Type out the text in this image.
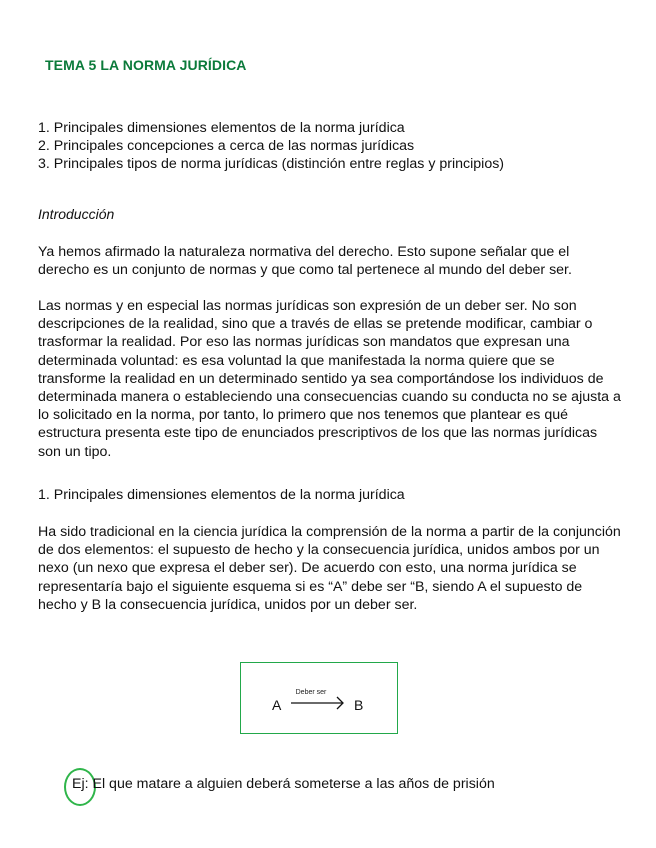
TEMA 5 LA NORMA JURÍDICA
1. Principales dimensiones elementos de la norma jurídica
2. Principales concepciones a cerca de las normas jurídicas
3. Principales tipos de norma jurídicas (distinción entre reglas y principios)
Introducción

Ya hemos afirmado la naturaleza normativa del derecho. Esto supone señalar que el derecho es un conjunto de normas y que como tal pertenece al mundo del deber ser.

Las normas y en especial las normas jurídicas son expresión de un deber ser. No son descripciones de la realidad, sino que a través de ellas se pretende modificar, cambiar o trasformar la realidad. Por eso las normas jurídicas son mandatos que expresan una determinada voluntad: es esa voluntad la que manifestada la norma quiere que se transforme la realidad en un determinado sentido ya sea comportándose los individuos de determinada manera o estableciendo una consecuencias cuando su conducta no se ajusta a lo solicitado en la norma, por tanto, lo primero que nos tenemos que plantear es qué estructura presenta este tipo de enunciados prescriptivos de los que las normas jurídicas son un tipo.

1. Principales dimensiones elementos de la norma jurídica

Ha sido tradicional en la ciencia jurídica la comprensión de la norma a partir de la conjunción de dos elementos: el supuesto de hecho y la consecuencia jurídica, unidos ambos por un nexo (un nexo que expresa el deber ser). De acuerdo con esto, una norma jurídica se representaría bajo el siguiente esquema si es “A” debe ser “B, siendo A el supuesto de hecho y B la consecuencia jurídica, unidos por un deber ser.

A
Deber ser
B
Ej: El que matare a alguien deberá someterse a las años de prisión
